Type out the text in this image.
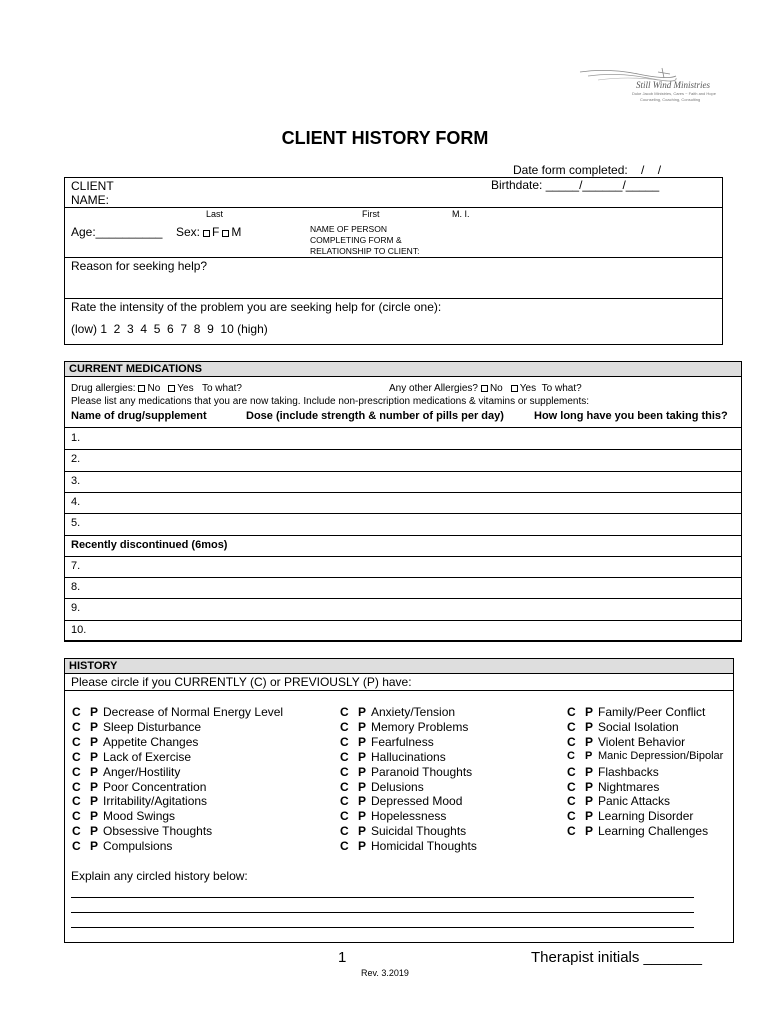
Still Wind Ministries
Duke Jacob Ministries, Cares ~ Faith and Hope
Counseling, Coaching, Consulting
CLIENT HISTORY FORM
Date form completed:    /    /
Birthdate: _____/______/_____
CLIENT
NAME:
Last	First	M. I.
Age:__________ Sex: F M	NAME OF PERSON
COMPLETING FORM &
RELATIONSHIP TO CLIENT:
Reason for seeking help?
Rate the intensity of the problem you are seeking help for (circle one):
(low) 1  2  3  4  5  6  7  8  9  10 (high)
CURRENT MEDICATIONS
Drug allergies: No Yes To what?	Any other Allergies? No Yes To what?
Please list any medications that you are now taking. Include non-prescription medications & vitamins or supplements:
Name of drug/supplement	Dose (include strength & number of pills per day)	How long have you been taking this?
1.
2.
3.
4.
5.
Recently discontinued (6mos)
7.
8.
9.
10.
HISTORY
Please circle if you CURRENTLY (C) or PREVIOUSLY (P) have:
C P Decrease of Normal Energy Level
C P Sleep Disturbance
C P Appetite Changes
C P Lack of Exercise
C P Anger/Hostility
C P Poor Concentration
C P Irritability/Agitations
C P Mood Swings
C P Obsessive Thoughts
C P Compulsions
C P Anxiety/Tension
C P Memory Problems
C P Fearfulness
C P Hallucinations
C P Paranoid Thoughts
C P Delusions
C P Depressed Mood
C P Hopelessness
C P Suicidal Thoughts
C P Homicidal Thoughts
C P Family/Peer Conflict
C P Social Isolation
C P Violent Behavior
C P Manic Depression/Bipolar
C P Flashbacks
C P Nightmares
C P Panic Attacks
C P Learning Disorder
C P Learning Challenges
Explain any circled history below:
1	Therapist initials _______
Rev. 3.2019
